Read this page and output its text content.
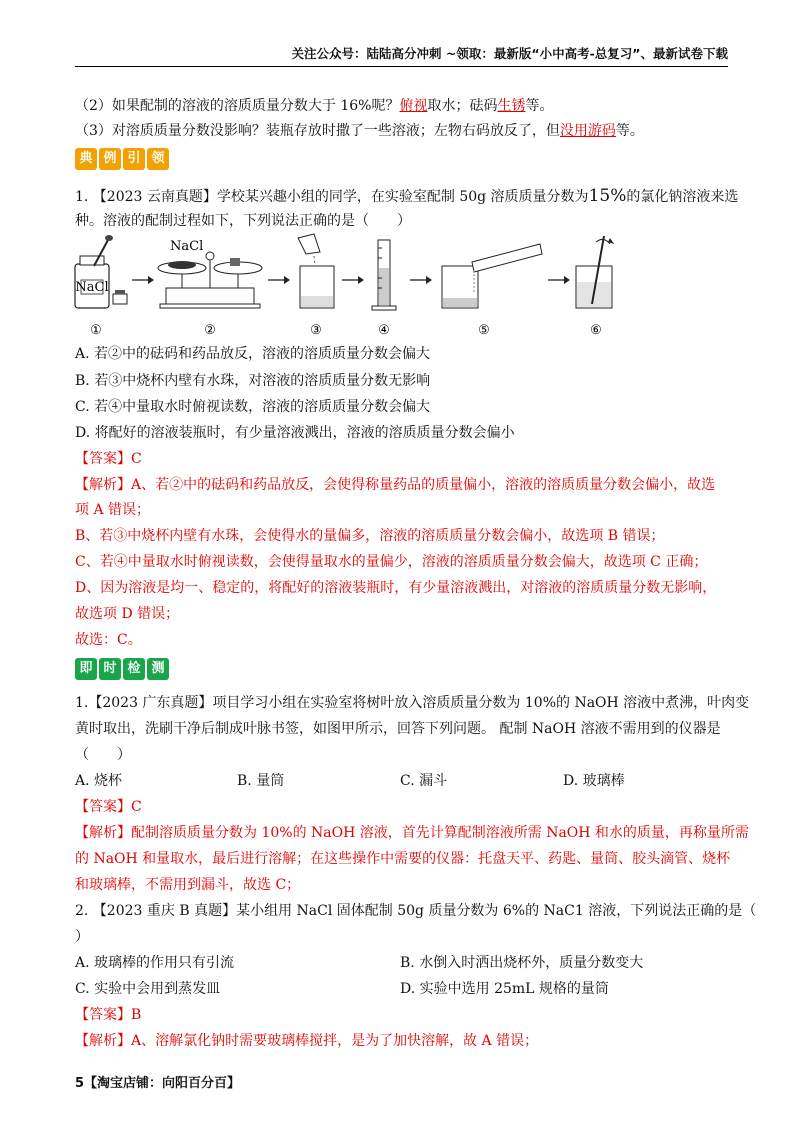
关注公众号：陆陆高分冲刺 ~领取：最新版“小中高考-总复习”、最新试卷下载
（2）如果配制的溶液的溶质质量分数大于 16%呢？俯视取水；砝码生锈等。
（3）对溶质质量分数没影响？装瓶存放时撒了一些溶液；左物右码放反了，但没用游码等。
典 例 引 领
1. 【2023 云南真题】学校某兴趣小组的同学，在实验室配制 50g 溶质质量分数为15%的氯化钠溶液来选
种。溶液的配制过程如下，下列说法正确的是（　　）
NaCl
NaCl
①	②	③	④	⑤	⑥
A. 若②中的砝码和药品放反，溶液的溶质质量分数会偏大
B. 若③中烧杯内壁有水珠，对溶液的溶质质量分数无影响
C. 若④中量取水时俯视读数，溶液的溶质质量分数会偏大
D. 将配好的溶液装瓶时，有少量溶液溅出，溶液的溶质质量分数会偏小
【答案】C
【解析】A、若②中的砝码和药品放反，会使得称量药品的质量偏小，溶液的溶质质量分数会偏小，故选
项 A 错误；
B、若③中烧杯内壁有水珠，会使得水的量偏多，溶液的溶质质量分数会偏小，故选项 B 错误；
C、若④中量取水时俯视读数，会使得量取水的量偏少，溶液的溶质质量分数会偏大，故选项 C 正确；
D、因为溶液是均一、稳定的，将配好的溶液装瓶时，有少量溶液溅出，对溶液的溶质质量分数无影响，
故选项 D 错误；
故选：C。
即 时 检 测
1.【2023 广东真题】项目学习小组在实验室将树叶放入溶质质量分数为 10%的 NaOH 溶液中煮沸，叶肉变
黄时取出，洗刷干净后制成叶脉书签，如图甲所示，回答下列问题。 配制 NaOH 溶液不需用到的仪器是
（　　）
A. 烧杯	B. 量筒	C. 漏斗	D. 玻璃棒
【答案】C
【解析】配制溶质质量分数为 10%的 NaOH 溶液，首先计算配制溶液所需 NaOH 和水的质量，再称量所需
的 NaOH 和量取水，最后进行溶解；在这些操作中需要的仪器：托盘天平、药匙、量筒、胶头滴管、烧杯
和玻璃棒，不需用到漏斗，故选 C；
2. 【2023 重庆 B 真题】某小组用 NaCl 固体配制 50g 质量分数为 6%的 NaC1 溶液，下列说法正确的是（
）
A. 玻璃棒的作用只有引流	B. 水倒入时洒出烧杯外，质量分数变大
C. 实验中会用到蒸发皿	D. 实验中选用 25mL 规格的量筒
【答案】B
【解析】A、溶解氯化钠时需要玻璃棒搅拌，是为了加快溶解，故 A 错误；
5【淘宝店铺：向阳百分百】
